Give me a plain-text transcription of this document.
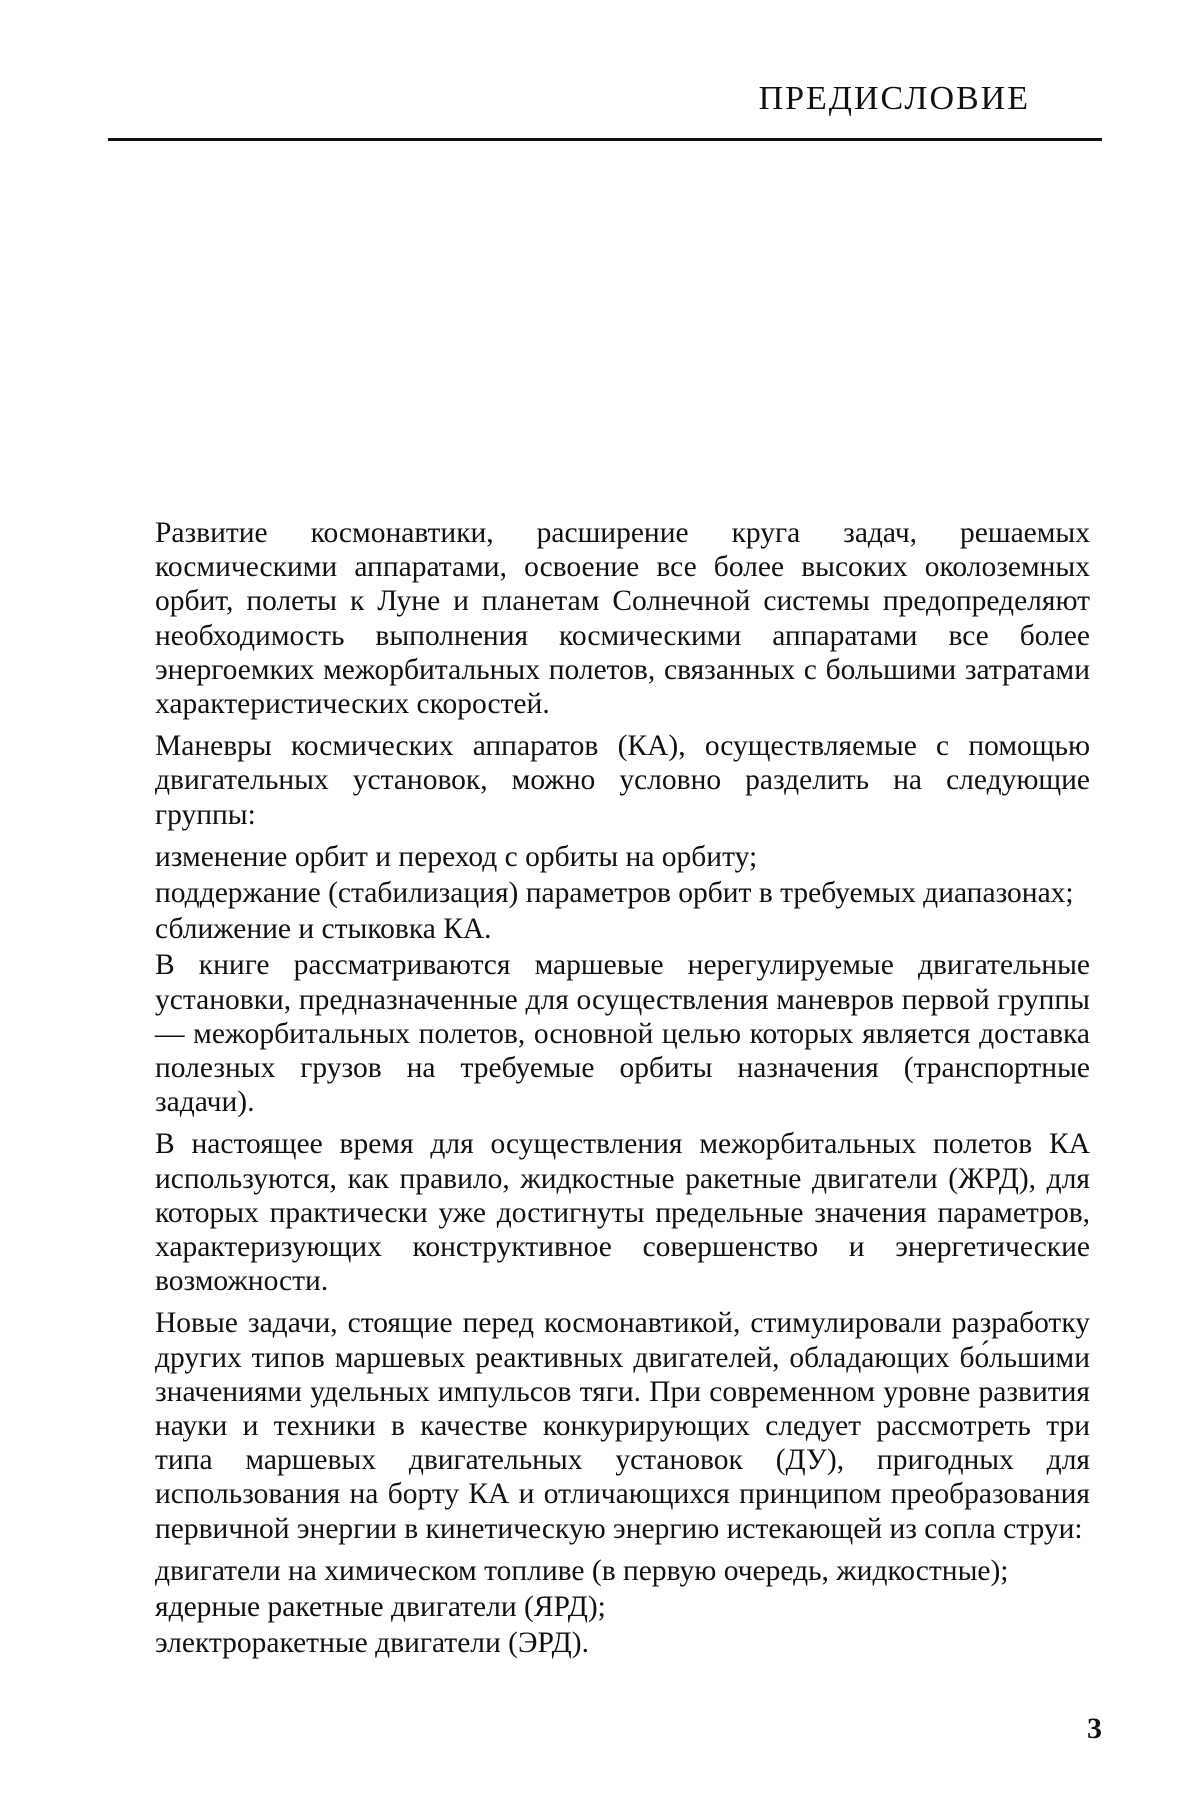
ПРЕДИСЛОВИЕ

Развитие космонавтики, расширение круга задач, решаемых космическими аппаратами, освоение все более высоких околоземных орбит, полеты к Луне и планетам Солнечной системы предопределяют необходимость выполнения космическими аппаратами все более энергоемких межорбитальных полетов, связанных с большими затратами характеристических скоростей.

Маневры космических аппаратов (КА), осуществляемые с помощью двигательных установок, можно условно разделить на следующие группы:

изменение орбит и переход с орбиты на орбиту;

поддержание (стабилизация) параметров орбит в требуемых диапазонах;

сближение и стыковка КА.

В книге рассматриваются маршевые нерегулируемые двигательные установки, предназначенные для осуществления маневров первой группы — межорбитальных полетов, основной целью которых является доставка полезных грузов на требуемые орбиты назначения (транспортные задачи).

В настоящее время для осуществления межорбитальных полетов КА используются, как правило, жидкостные ракетные двигатели (ЖРД), для которых практически уже достигнуты предельные значения параметров, характеризующих конструктивное совершенство и энергетические возможности.

Новые задачи, стоящие перед космонавтикой, стимулировали разработку других типов маршевых реактивных двигателей, обладающих бо́льшими значениями удельных импульсов тяги. При современном уровне развития науки и техники в качестве конкурирующих следует рассмотреть три типа маршевых двигательных установок (ДУ), пригодных для использования на борту КА и отличающихся принципом преобразования первичной энергии в кинетическую энергию истекающей из сопла струи:

двигатели на химическом топливе (в первую очередь, жидкостные);

ядерные ракетные двигатели (ЯРД);

электроракетные двигатели (ЭРД).

3
